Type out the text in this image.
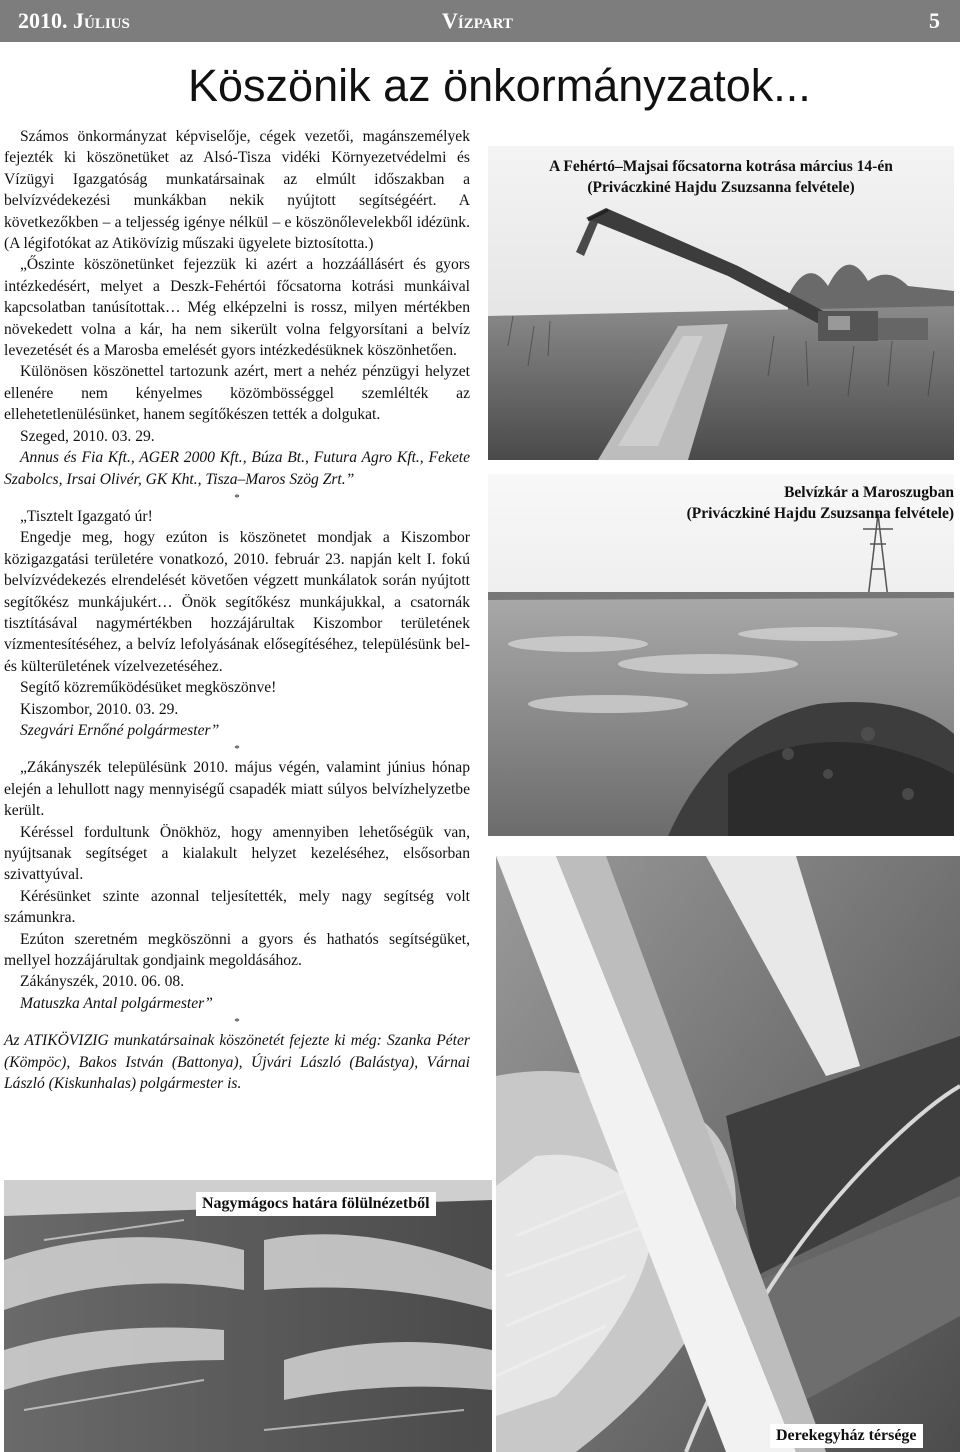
2010. Július	Vízpart	5
Köszönik az önkormányzatok...

Számos önkormányzat képviselője, cégek vezetői, magánszemélyek fejezték ki köszönetüket az Alsó-Tisza vidéki Környezetvédelmi és Vízügyi Igazgatóság munkatársainak az elmúlt időszakban a belvízvédekezési munkákban nekik nyújtott segítségéért. A következőkben – a teljesség igénye nélkül – e köszönőlevelekből idézünk. (A légifotókat az Atikövízig műszaki ügyelete biztosította.)

„Őszinte köszönetünket fejezzük ki azért a hozzáállásért és gyors intézkedésért, melyet a Deszk-Fehértói főcsatorna kotrási munkáival kapcsolatban tanúsítottak… Még elképzelni is rossz, milyen mértékben növekedett volna a kár, ha nem sikerült volna felgyorsítani a belvíz levezetését és a Marosba emelését gyors intézkedésüknek köszönhetően.

Különösen köszönettel tartozunk azért, mert a nehéz pénzügyi helyzet ellenére nem kényelmes közömbösséggel szemlélték az ellehetetlenülésünket, hanem segítőkészen tették a dolgukat.

Szeged, 2010. 03. 29.

Annus és Fia Kft., AGER 2000 Kft., Búza Bt., Futura Agro Kft., Fekete Szabolcs, Irsai Olivér, GK Kht., Tisza–Maros Szög Zrt.”

*

„Tisztelt Igazgató úr!

Engedje meg, hogy ezúton is köszönetet mondjak a Kiszombor közigazgatási területére vonatkozó, 2010. február 23. napján kelt I. fokú belvízvédekezés elrendelését követően végzett munkálatok során nyújtott segítőkész munkájukért… Önök segítőkész munkájukkal, a csatornák tisztításával nagymértékben hozzájárultak Kiszombor területének vízmentesítéséhez, a belvíz lefolyásának elősegítéséhez, településünk bel- és külterületének vízelvezetéséhez.

Segítő közreműködésüket megköszönve!

Kiszombor, 2010. 03. 29.

Szegvári Ernőné polgármester”

*

„Zákányszék településünk 2010. május végén, valamint június hónap elején a lehullott nagy mennyiségű csapadék miatt súlyos belvízhelyzetbe került.

Kéréssel fordultunk Önökhöz, hogy amennyiben lehetőségük van, nyújtsanak segítséget a kialakult helyzet kezeléséhez, elsősorban szivattyúval.

Kérésünket szinte azonnal teljesítették, mely nagy segítség volt számunkra.

Ezúton szeretném megköszönni a gyors és hathatós segítségüket, mellyel hozzájárultak gondjaink megoldásához.

Zákányszék, 2010. 06. 08.

Matuszka Antal polgármester”

*

Az ATIKÖVIZIG munkatársainak köszönetét fejezte ki még: Szanka Péter (Kömpöc), Bakos István (Battonya), Újvári László (Balástya), Várnai László (Kiskunhalas) polgármester is.

A Fehértó–Majsai főcsatorna kotrása március 14-én
(Priváczkiné Hajdu Zsuzsanna felvétele)
Belvízkár a Maroszugban
(Priváczkiné Hajdu Zsuzsanna felvétele)
Derekegyház térsége
Nagymágocs határa fölülnézetből
